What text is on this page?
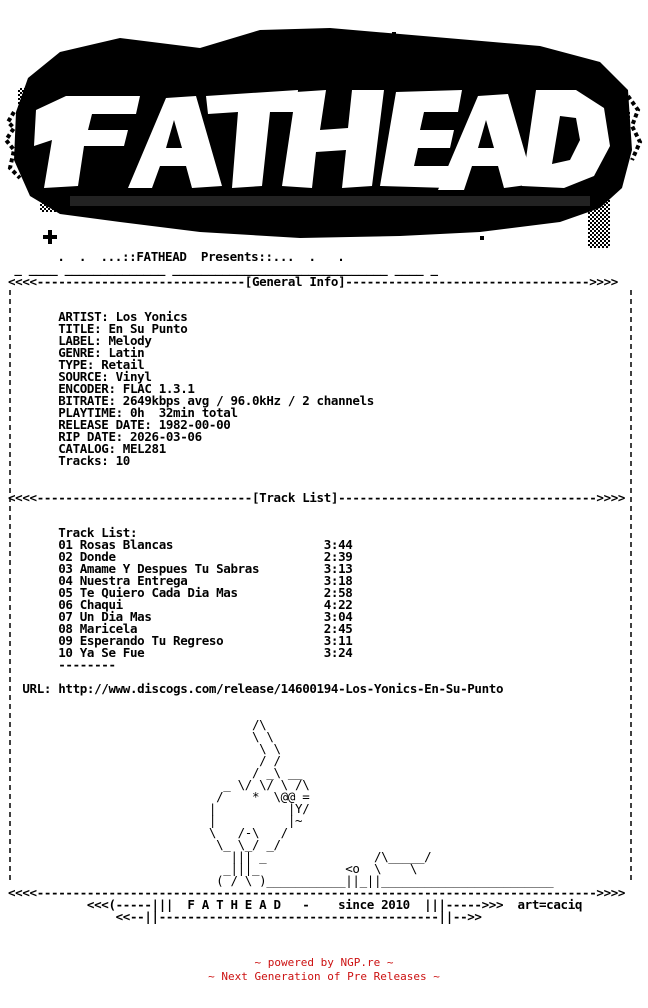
.  .  ...::FATHEAD  Presents::...  .   .
_ ____ ______________ ______________________________ ____ _
<<<<-----------------------------[General Info]---------------------------------->>>>
ARTIST: Los Yonics
TITLE: En Su Punto
LABEL: Melody
GENRE: Latin
TYPE: Retail
SOURCE: Vinyl
ENCODER: FLAC 1.3.1
BITRATE: 2649kbps avg / 96.0kHz / 2 channels
PLAYTIME: 0h  32min total
RELEASE DATE: 1982-00-00
RIP DATE: 2026-03-06
CATALOG: MEL281
Tracks: 10
<<<<------------------------------[Track List]------------------------------------>>>>
Track List:
01 Rosas Blancas                     3:44
02 Donde                             2:39
03 Amame Y Despues Tu Sabras         3:13
04 Nuestra Entrega                   3:18
05 Te Quiero Cada Dia Mas            2:58
06 Chaqui                            4:22
07 Un Dia Mas                        3:04
08 Maricela                          2:45
09 Esperando Tu Regreso              3:11
10 Ya Se Fue                         3:24
--------
URL: http://www.discogs.com/release/14600194-Los-Yonics-En-Su-Punto
/\
\ \
\ \
/ /
/ _\ __
_ \/ \/ \ /\
/    *  \@@ =
|          |Y/
|          |~
\   /-\   /
\_ \_/ _/
||| _               /\_____/
_|||_            <o  \    \
( / \ )___________||_||________________________
<<<<------------------------------------------------------------------------------>>>>
<<<(-----|||  F A T H E A D   -    since 2010  |||----->>>  art=caciq
<<--||---------------------------------------||-->>
~ powered by NGP.re ~
~ Next Generation of Pre Releases ~
